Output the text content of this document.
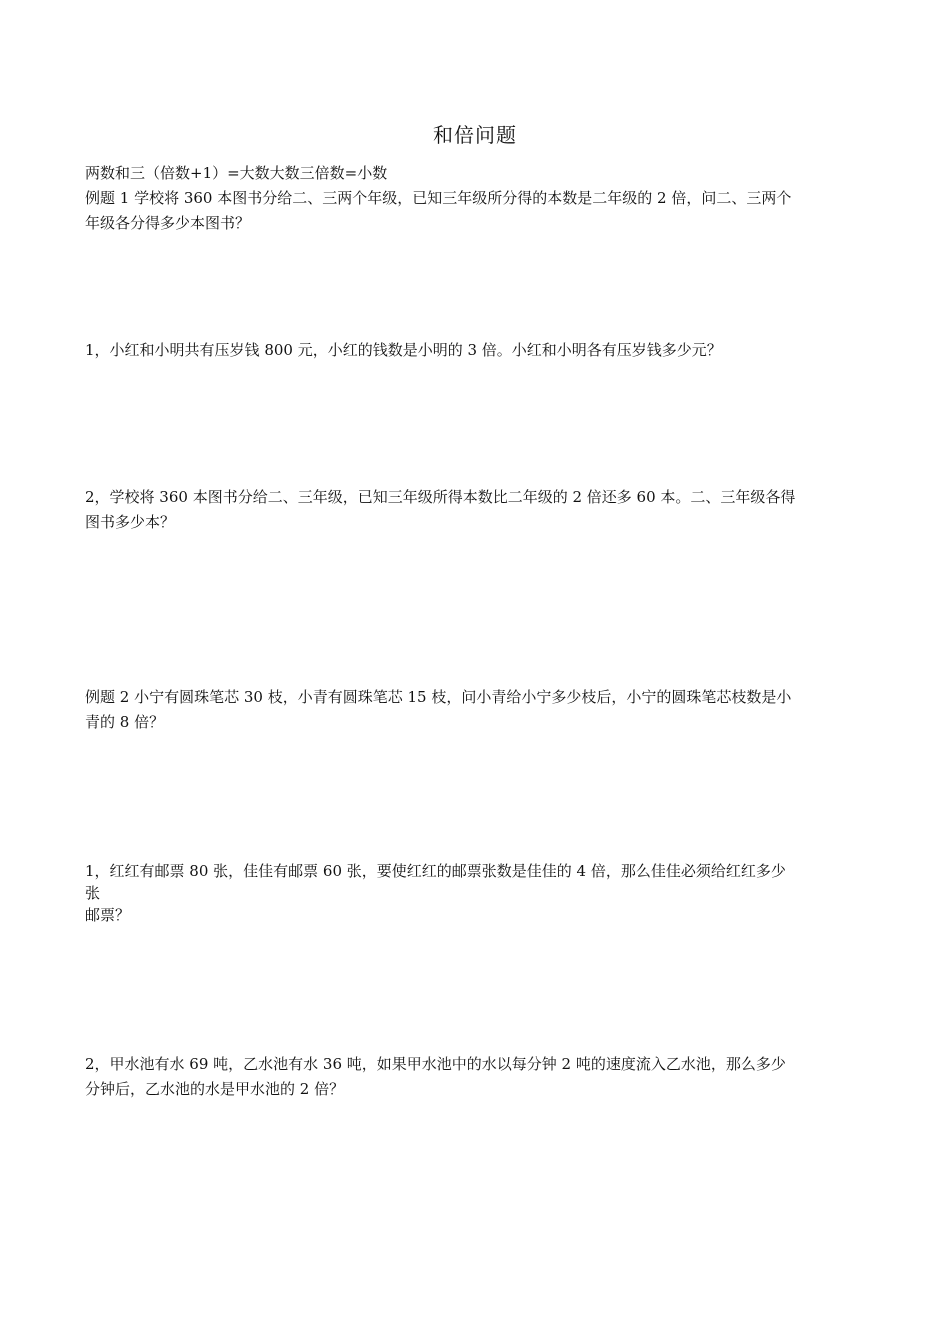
和倍问题
两数和三（倍数+1）=大数大数三倍数=小数
例题 1 学校将 360 本图书分给二、三两个年级，已知三年级所分得的本数是二年级的 2 倍，问二、三两个
年级各分得多少本图书？
1，小红和小明共有压岁钱 800 元，小红的钱数是小明的 3 倍。小红和小明各有压岁钱多少元？
2，学校将 360 本图书分给二、三年级，已知三年级所得本数比二年级的 2 倍还多 60 本。二、三年级各得
图书多少本？
例题 2 小宁有圆珠笔芯 30 枝，小青有圆珠笔芯 15 枝，问小青给小宁多少枝后，小宁的圆珠笔芯枝数是小
青的 8 倍？
1，红红有邮票 80 张，佳佳有邮票 60 张，要使红红的邮票张数是佳佳的 4 倍，那么佳佳必须给红红多少
张
邮票？
2，甲水池有水 69 吨，乙水池有水 36 吨，如果甲水池中的水以每分钟 2 吨的速度流入乙水池，那么多少
分钟后，乙水池的水是甲水池的 2 倍？
